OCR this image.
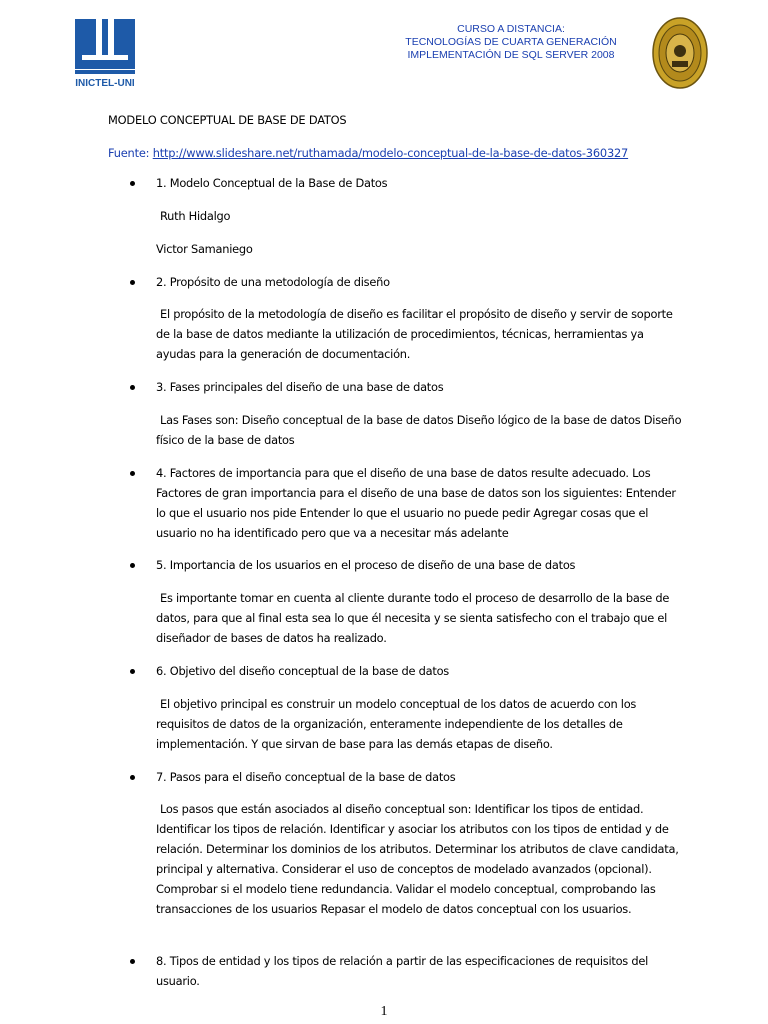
INICTEL-UNI
CURSO A DISTANCIA:
TECNOLOGÍAS DE CUARTA GENERACIÓN
IMPLEMENTACIÓN DE SQL SERVER 2008
MODELO CONCEPTUAL DE BASE DE DATOS
Fuente: http://www.slideshare.net/ruthamada/modelo-conceptual-de-la-base-de-datos-360327
1. Modelo Conceptual de la Base de Datos
Ruth Hidalgo
Victor Samaniego
2. Propósito de una metodología de diseño
El propósito de la metodología de diseño es facilitar el propósito de diseño y servir de soporte de la base de datos mediante la utilización de procedimientos, técnicas, herramientas ya ayudas para la generación de documentación.
3. Fases principales del diseño de una base de datos
Las Fases son: Diseño conceptual de la base de datos Diseño lógico de la base de datos Diseño físico de la base de datos
4. Factores de importancia para que el diseño de una base de datos resulte adecuado. Los Factores de gran importancia para el diseño de una base de datos son los siguientes: Entender lo que el usuario nos pide Entender lo que el usuario no puede pedir Agregar cosas que el usuario no ha identificado pero que va a necesitar más adelante
5. Importancia de los usuarios en el proceso de diseño de una base de datos
Es importante tomar en cuenta al cliente durante todo el proceso de desarrollo de la base de datos, para que al final esta sea lo que él necesita y se sienta satisfecho con el trabajo que el diseñador de bases de datos ha realizado.
6. Objetivo del diseño conceptual de la base de datos
El objetivo principal es construir un modelo conceptual de los datos de acuerdo con los requisitos de datos de la organización, enteramente independiente de los detalles de implementación. Y que sirvan de base para las demás etapas de diseño.
7. Pasos para el diseño conceptual de la base de datos
Los pasos que están asociados al diseño conceptual son: Identificar los tipos de entidad. Identificar los tipos de relación. Identificar y asociar los atributos con los tipos de entidad y de relación. Determinar los dominios de los atributos. Determinar los atributos de clave candidata, principal y alternativa. Considerar el uso de conceptos de modelado avanzados (opcional). Comprobar si el modelo tiene redundancia. Validar el modelo conceptual, comprobando las transacciones de los usuarios Repasar el modelo de datos conceptual con los usuarios.
8. Tipos de entidad y los tipos de relación a partir de las especificaciones de requisitos del usuario.
1
